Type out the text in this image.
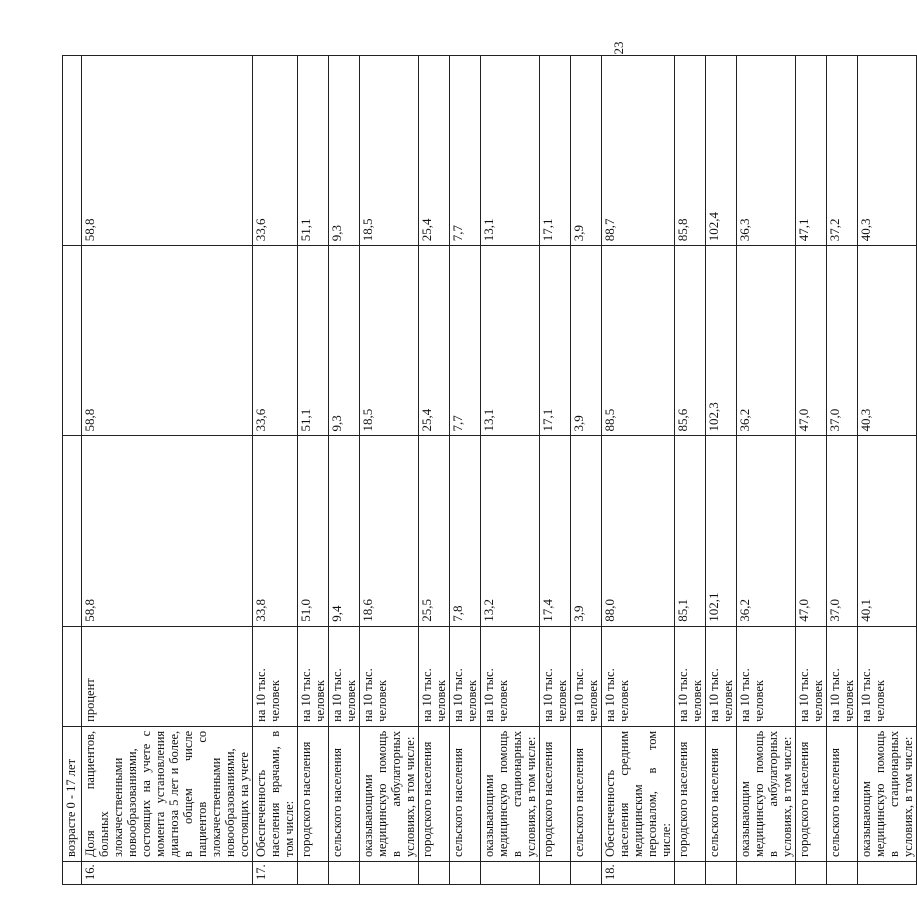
23
	возрасте 0 - 17 лет				
16.	Доля пациентов, больных злокачественными новообразованиями, состоящих на учете с момента установления диагноза 5 лет и более, в общем числе пациентов со злокачественными новообразованиями, состоящих на учете	процент	58,8	58,8	58,8
17.	Обеспеченность населения врачами, в том числе:	на 10 тыс. человек	33,8	33,6	33,6
	городского населения	на 10 тыс. человек	51,0	51,1	51,1
	сельского населения	на 10 тыс. человек	9,4	9,3	9,3
	оказывающими медицинскую помощь в амбулаторных условиях, в том числе:	на 10 тыс. человек	18,6	18,5	18,5
	городского населения	на 10 тыс. человек	25,5	25,4	25,4
	сельского населения	на 10 тыс. человек	7,8	7,7	7,7
	оказывающими медицинскую помощь в стационарных условиях, в том числе:	на 10 тыс. человек	13,2	13,1	13,1
	городского населения	на 10 тыс. человек	17,4	17,1	17,1
	сельского населения	на 10 тыс. человек	3,9	3,9	3,9
18.	Обеспеченность населения средним медицинским персоналом, в том числе:	на 10 тыс. человек	88,0	88,5	88,7
	городского населения	на 10 тыс. человек	85,1	85,6	85,8
	сельского населения	на 10 тыс. человек	102,1	102,3	102,4
	оказывающим медицинскую помощь в амбулаторных условиях, в том числе:	на 10 тыс. человек	36,2	36,2	36,3
	городского населения	на 10 тыс. человек	47,0	47,0	47,1
	сельского населения	на 10 тыс. человек	37,0	37,0	37,2
	оказывающим медицинскую помощь в стационарных условиях, в том числе:	на 10 тыс. человек	40,1	40,3	40,3
